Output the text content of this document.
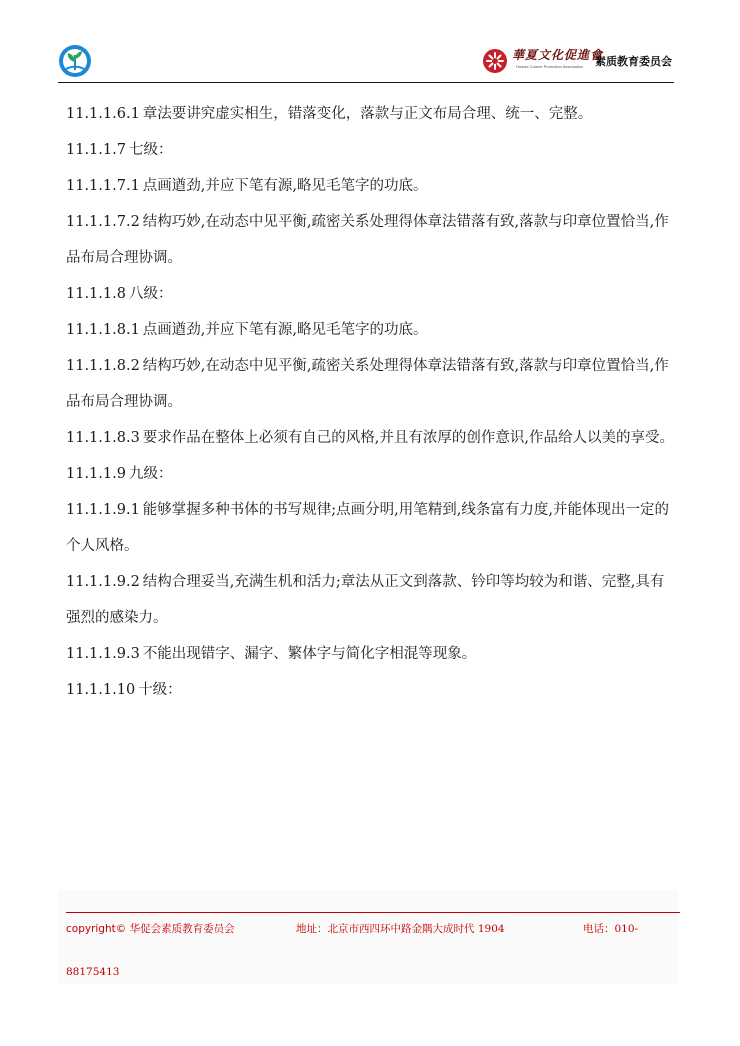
華夏文化促進會
Huaxia Culture Promotion Association 素质教育委员会

11.1.1.6.1 章法要讲究虚实相生，错落变化，落款与正文布局合理、统一、完整。

11.1.1.7 七级：

11.1.1.7.1 点画遒劲,并应下笔有源,略见毛笔字的功底。

11.1.1.7.2 结构巧妙,在动态中见平衡,疏密关系处理得体章法错落有致,落款与印章位置恰当,作品布局合理协调。

11.1.1.8 八级：

11.1.1.8.1 点画遒劲,并应下笔有源,略见毛笔字的功底。

11.1.1.8.2 结构巧妙,在动态中见平衡,疏密关系处理得体章法错落有致,落款与印章位置恰当,作品布局合理协调。

11.1.1.8.3 要求作品在整体上必须有自己的风格,并且有浓厚的创作意识,作品给人以美的享受。

11.1.1.9 九级：

11.1.1.9.1 能够掌握多种书体的书写规律;点画分明,用笔精到,线条富有力度,并能体现出一定的个人风格。

11.1.1.9.2 结构合理妥当,充满生机和活力;章法从正文到落款、钤印等均较为和谐、完整,具有强烈的感染力。

11.1.1.9.3 不能出现错字、漏字、繁体字与简化字相混等现象。

11.1.1.10 十级：

copyright© 华促会素质教育委员会	地址：北京市西四环中路金隅大成时代 1904	电话：010-
88175413
